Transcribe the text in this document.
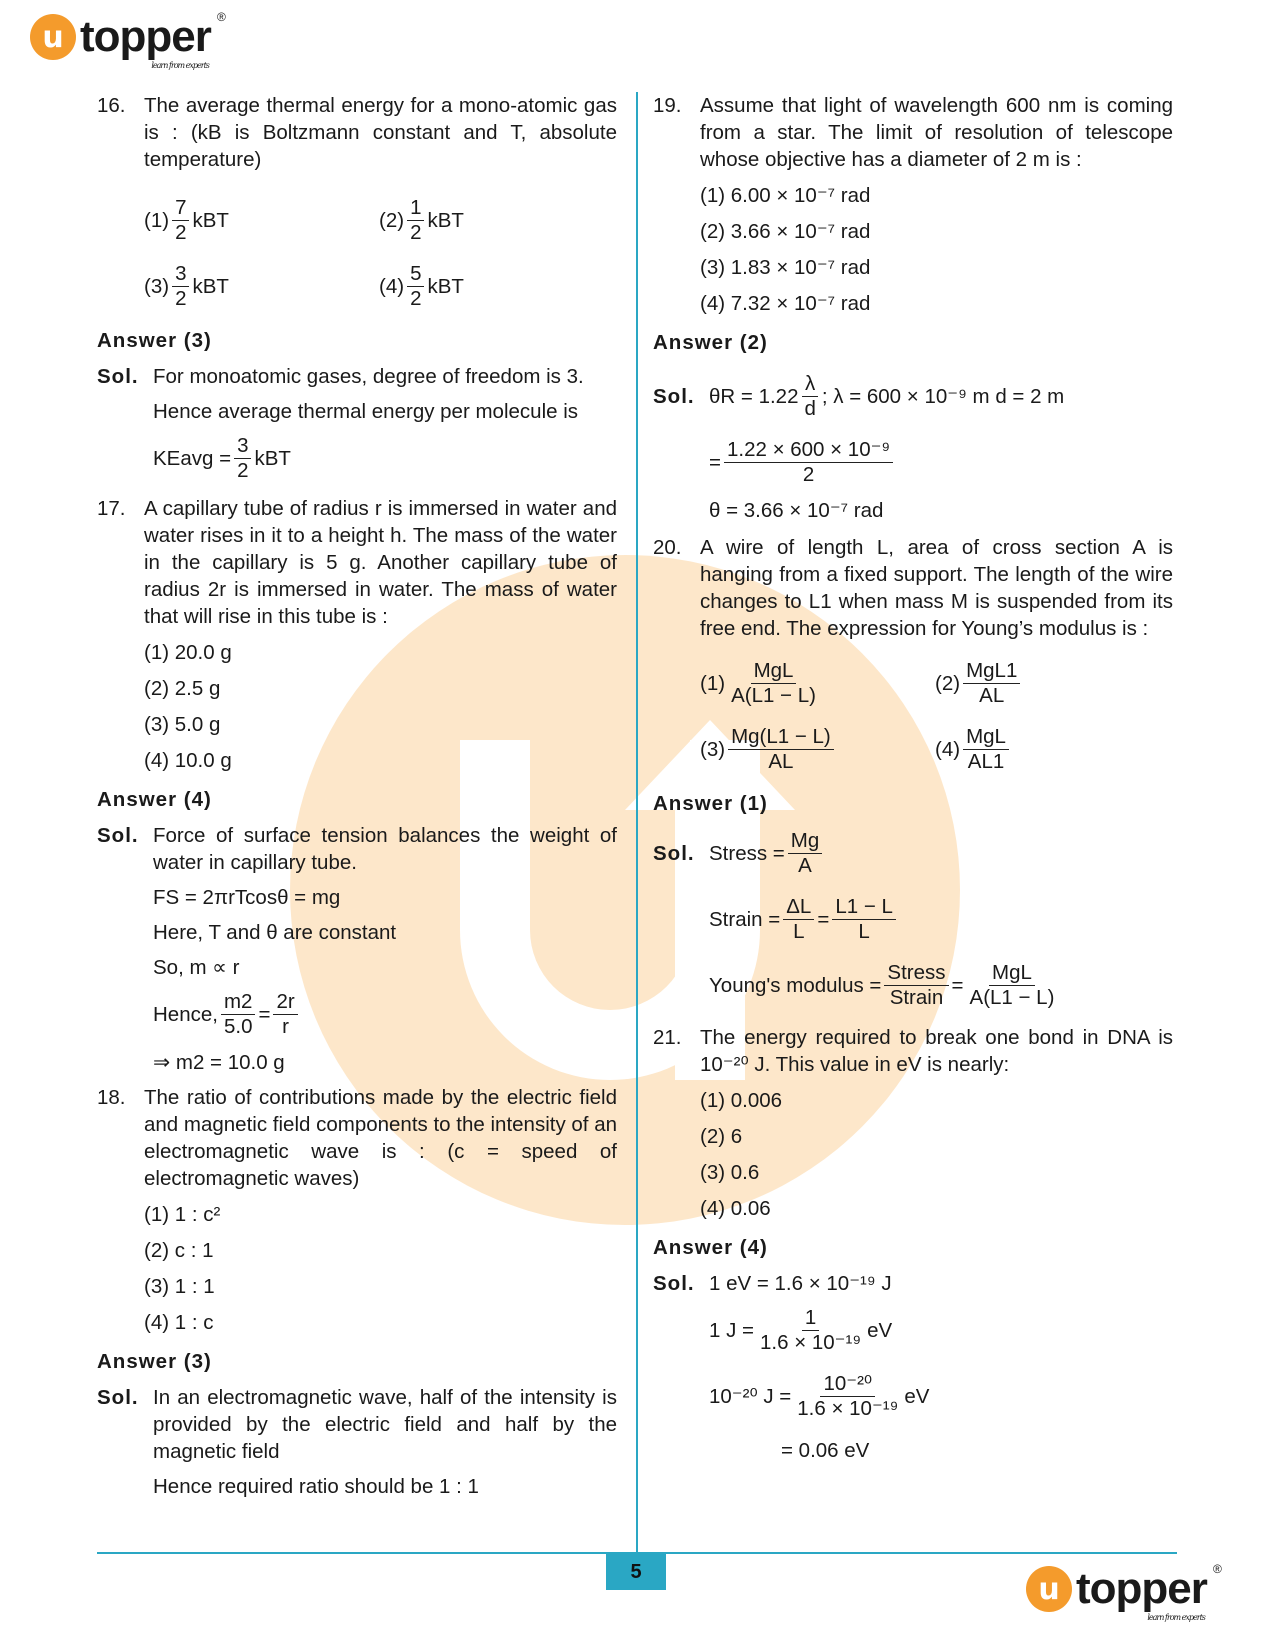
u topper ®
learn from experts
16. The average thermal energy for a mono-atomic gas is : (kB is Boltzmann constant and T, absolute temperature)
$(1) \frac{7}{2}$ kBT	$(2) \frac{1}{2}$ kBT
$(3) \frac{3}{2}$ kBT	$(4) \frac{5}{2}$ kBT
Answer (3)
Sol. For monoatomic gases, degree of freedom is 3.
Hence average thermal energy per molecule is
KEavg = $\frac{3}{2}$ kBT
17. A capillary tube of radius r is immersed in water and water rises in it to a height h. The mass of the water in the capillary is 5 g. Another capillary tube of radius 2r is immersed in water. The mass of water that will rise in this tube is :
(1) 20.0 g
(2) 2.5 g
(3) 5.0 g
(4) 10.0 g
Answer (4)
Sol. Force of surface tension balances the weight of water in capillary tube.
FS = 2πrTcosθ = mg
Here, T and θ are constant
So, m ∝ r
Hence, $\frac{m2}{5.0} = \frac{2r}{r}$
⇒ m2 = 10.0 g
18. The ratio of contributions made by the electric field and magnetic field components to the intensity of an electromagnetic wave is : (c = speed of electromagnetic waves)
(1) 1 : c²
(2) c : 1
(3) 1 : 1
(4) 1 : c
Answer (3)
Sol. In an electromagnetic wave, half of the intensity is provided by the electric field and half by the magnetic field
Hence required ratio should be 1 : 1
19. Assume that light of wavelength 600 nm is coming from a star. The limit of resolution of telescope whose objective has a diameter of 2 m is :
(1) 6.00 × 10⁻⁷ rad
(2) 3.66 × 10⁻⁷ rad
(3) 1.83 × 10⁻⁷ rad
(4) 7.32 × 10⁻⁷ rad
Answer (2)
Sol. $\theta R = 1.22 \frac{\lambda}{d}$ ; λ = 600 × 10⁻⁹ m d = 2 m
= $\frac{\text{1.22 × 600 × 10⁻⁹}}{2}$
θ = 3.66 × 10⁻⁷ rad
20. A wire of length L, area of cross section A is hanging from a fixed support. The length of the wire changes to L1 when mass M is suspended from its free end. The expression for Young’s modulus is :
$(1) \frac{\text{MgL}}{A(L1 - L)}$	$(2) \frac{\text{MgL1}}{AL}$
$(3) \frac{Mg(L1 - L)}{AL}$	$(4) \frac{\text{MgL}}{AL1}$
Answer (1)
Sol. Stress = $\frac{Mg}{A}$
Strain = $\frac{\Delta L}{L} = \frac{L1 - L}{L}$
Young's modulus = $\frac{\text{Stress}}{\text{Strain}} = \frac{\text{MgL}}{A(L1 - L)}$
21. The energy required to break one bond in DNA is 10⁻²⁰ J. This value in eV is nearly:
(1) 0.006
(2) 6
(3) 0.6
(4) 0.06
Answer (4)
Sol. 1 eV = 1.6 × 10⁻¹⁹ J
1 $J = \frac{1}{\text{1.6 × 10⁻¹⁹}}$ eV
10⁻²⁰ $J = \frac{\text{10⁻²⁰}}{\text{1.6 × 10⁻¹⁹}}$ eV
= 0.06 eV
5	u topper ®
learn from experts
